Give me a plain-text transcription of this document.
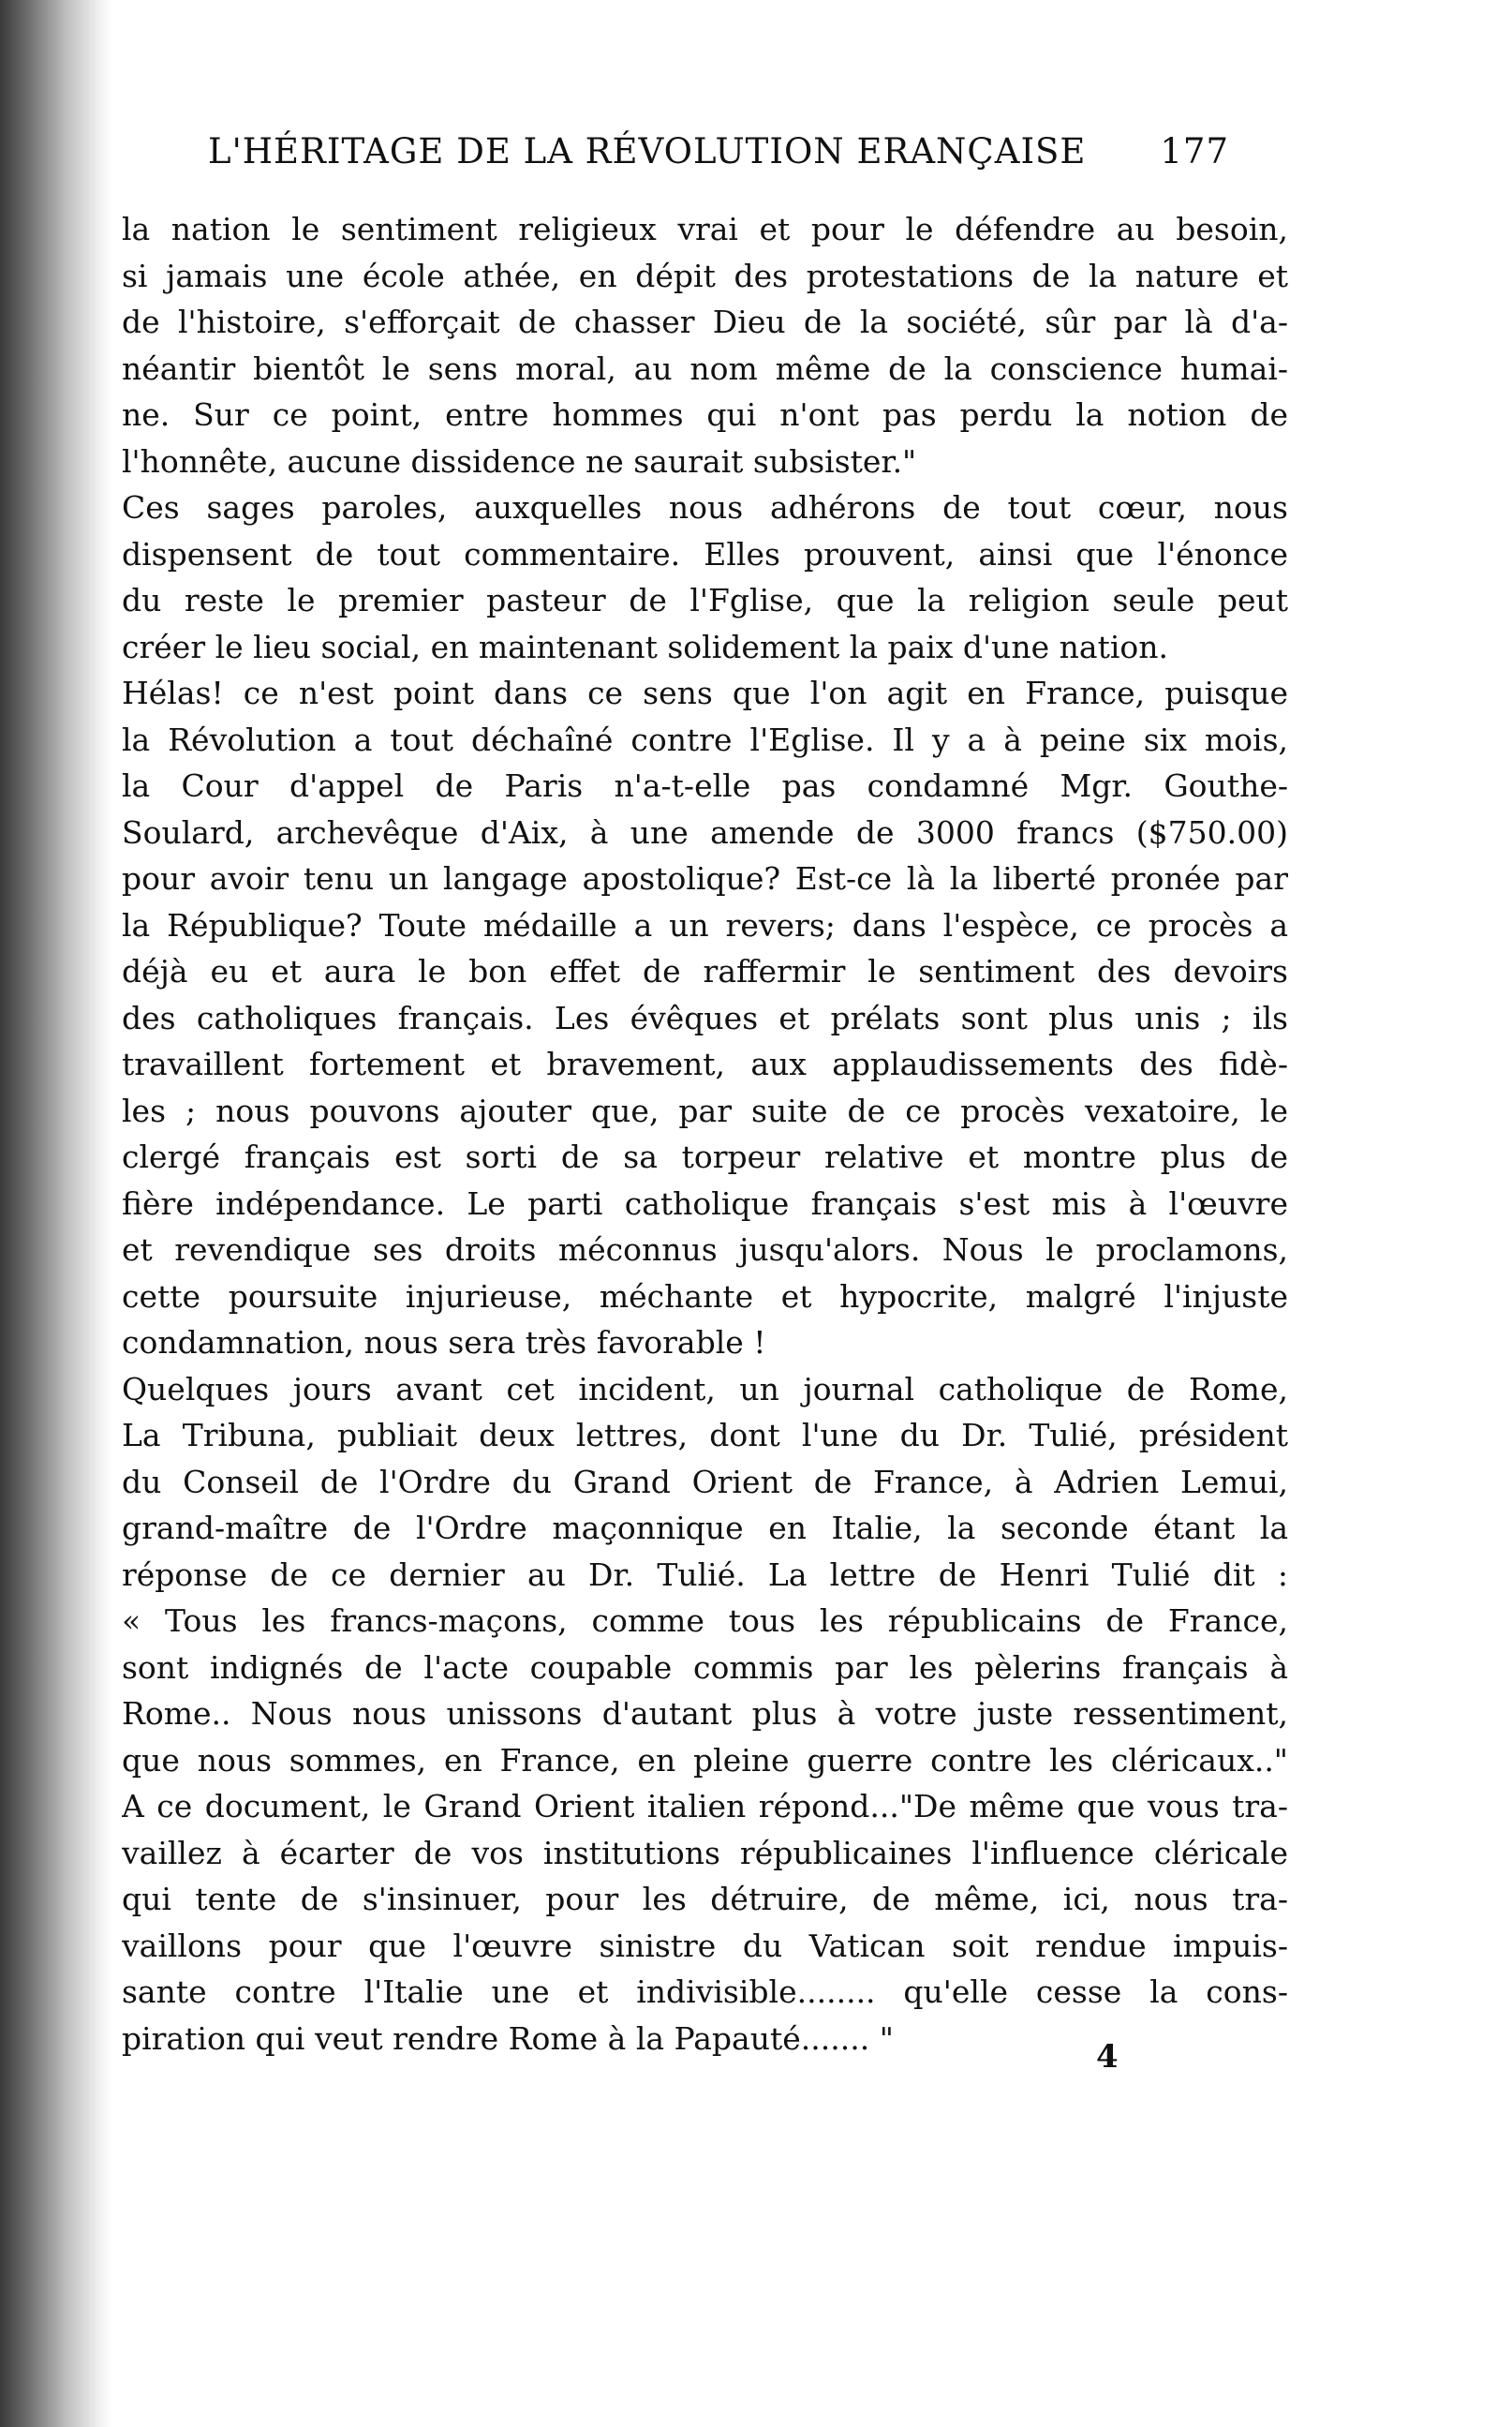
L'HÉRITAGE DE LA RÉVOLUTION ERANÇAISE 177
la nation le sentiment religieux vrai et pour le défendre au besoin,
si jamais une école athée, en dépit des protestations de la nature et
de l'histoire, s'efforçait de chasser Dieu de la société, sûr par là d'a-
néantir bientôt le sens moral, au nom même de la conscience humai-
ne. Sur ce point, entre hommes qui n'ont pas perdu la notion de
l'honnête, aucune dissidence ne saurait subsister."
Ces sages paroles, auxquelles nous adhérons de tout cœur, nous
dispensent de tout commentaire. Elles prouvent, ainsi que l'énonce
du reste le premier pasteur de l'Fglise, que la religion seule peut
créer le lieu social, en maintenant solidement la paix d'une nation.
Hélas! ce n'est point dans ce sens que l'on agit en France, puisque
la Révolution a tout déchaîné contre l'Eglise. Il y a à peine six mois,
la Cour d'appel de Paris n'a-t-elle pas condamné Mgr. Gouthe-
Soulard, archevêque d'Aix, à une amende de 3000 francs ($750.00)
pour avoir tenu un langage apostolique? Est-ce là la liberté pronée par
la République? Toute médaille a un revers; dans l'espèce, ce procès a
déjà eu et aura le bon effet de raffermir le sentiment des devoirs
des catholiques français. Les évêques et prélats sont plus unis ; ils
travaillent fortement et bravement, aux applaudissements des fidè-
les ; nous pouvons ajouter que, par suite de ce procès vexatoire, le
clergé français est sorti de sa torpeur relative et montre plus de
fière indépendance. Le parti catholique français s'est mis à l'œuvre
et revendique ses droits méconnus jusqu'alors. Nous le proclamons,
cette poursuite injurieuse, méchante et hypocrite, malgré l'injuste
condamnation, nous sera très favorable !
Quelques jours avant cet incident, un journal catholique de Rome,
La Tribuna, publiait deux lettres, dont l'une du Dr. Tulié, président
du Conseil de l'Ordre du Grand Orient de France, à Adrien Lemui,
grand-maître de l'Ordre maçonnique en Italie, la seconde étant la
réponse de ce dernier au Dr. Tulié. La lettre de Henri Tulié dit :
« Tous les francs-maçons, comme tous les républicains de France,
sont indignés de l'acte coupable commis par les pèlerins français à
Rome.. Nous nous unissons d'autant plus à votre juste ressentiment,
que nous sommes, en France, en pleine guerre contre les cléricaux.."
A ce document, le Grand Orient italien répond..."De même que vous tra-
vaillez à écarter de vos institutions républicaines l'influence cléricale
qui tente de s'insinuer, pour les détruire, de même, ici, nous tra-
vaillons pour que l'œuvre sinistre du Vatican soit rendue impuis-
sante contre l'Italie une et indivisible........ qu'elle cesse la cons-
piration qui veut rendre Rome à la Papauté....... "	4
